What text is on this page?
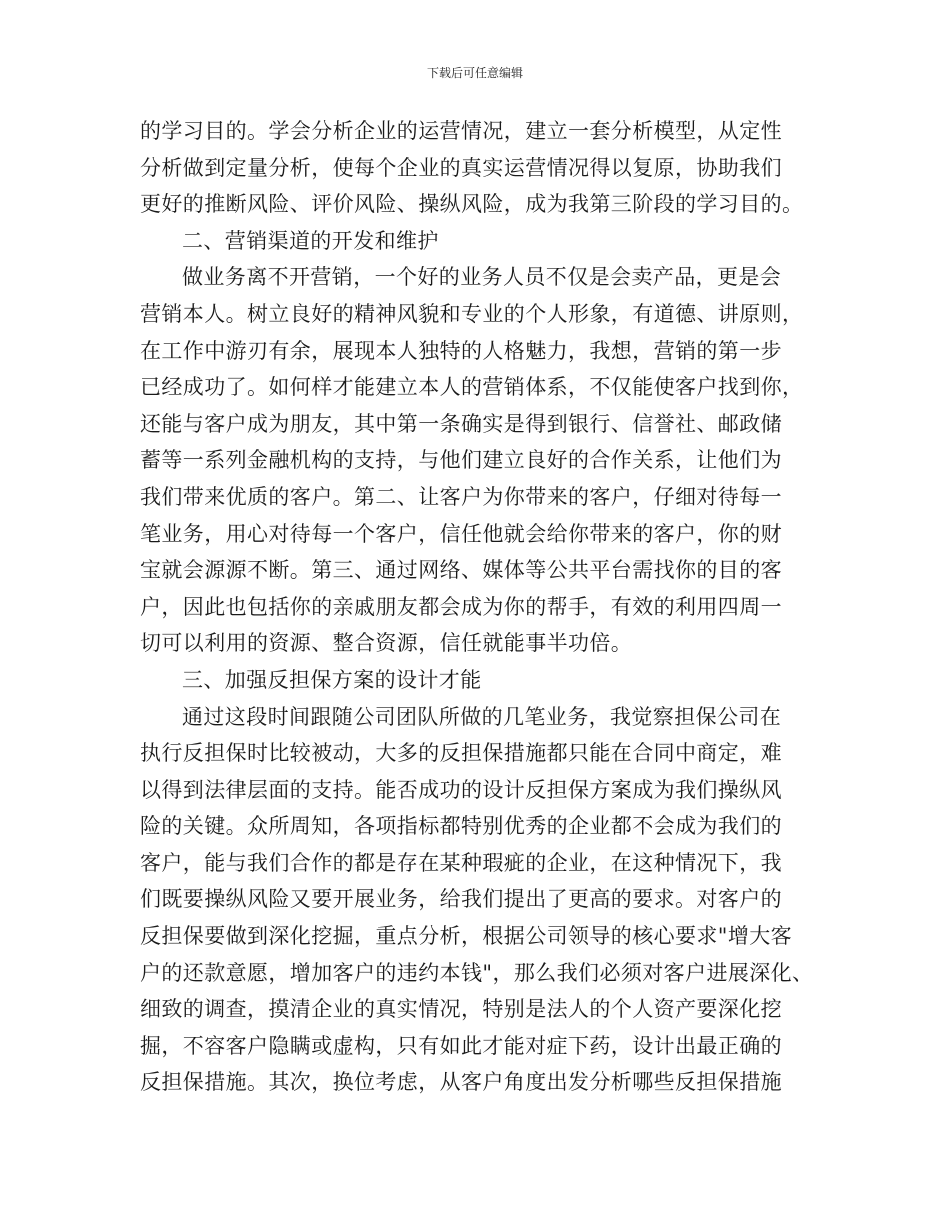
下载后可任意编辑
的学习目的。学会分析企业的运营情况，建立一套分析模型，从定性
分析做到定量分析，使每个企业的真实运营情况得以复原，协助我们
更好的推断风险、评价风险、操纵风险，成为我第三阶段的学习目的。
二、营销渠道的开发和维护
做业务离不开营销，一个好的业务人员不仅是会卖产品，更是会
营销本人。树立良好的精神风貌和专业的个人形象，有道德、讲原则，
在工作中游刃有余，展现本人独特的人格魅力，我想，营销的第一步
已经成功了。如何样才能建立本人的营销体系，不仅能使客户找到你，
还能与客户成为朋友，其中第一条确实是得到银行、信誉社、邮政储
蓄等一系列金融机构的支持，与他们建立良好的合作关系，让他们为
我们带来优质的客户。第二、让客户为你带来的客户，仔细对待每一
笔业务，用心对待每一个客户，信任他就会给你带来的客户，你的财
宝就会源源不断。第三、通过网络、媒体等公共平台需找你的目的客
户，因此也包括你的亲戚朋友都会成为你的帮手，有效的利用四周一
切可以利用的资源、整合资源，信任就能事半功倍。
三、加强反担保方案的设计才能
通过这段时间跟随公司团队所做的几笔业务，我觉察担保公司在
执行反担保时比较被动，大多的反担保措施都只能在合同中商定，难
以得到法律层面的支持。能否成功的设计反担保方案成为我们操纵风
险的关键。众所周知，各项指标都特别优秀的企业都不会成为我们的
客户，能与我们合作的都是存在某种瑕疵的企业，在这种情况下，我
们既要操纵风险又要开展业务，给我们提出了更高的要求。对客户的
反担保要做到深化挖掘，重点分析，根据公司领导的核心要求"增大客
户的还款意愿，增加客户的违约本钱"，那么我们必须对客户进展深化、
细致的调查，摸清企业的真实情况，特别是法人的个人资产要深化挖
掘，不容客户隐瞒或虚构，只有如此才能对症下药，设计出最正确的
反担保措施。其次，换位考虑，从客户角度出发分析哪些反担保措施
